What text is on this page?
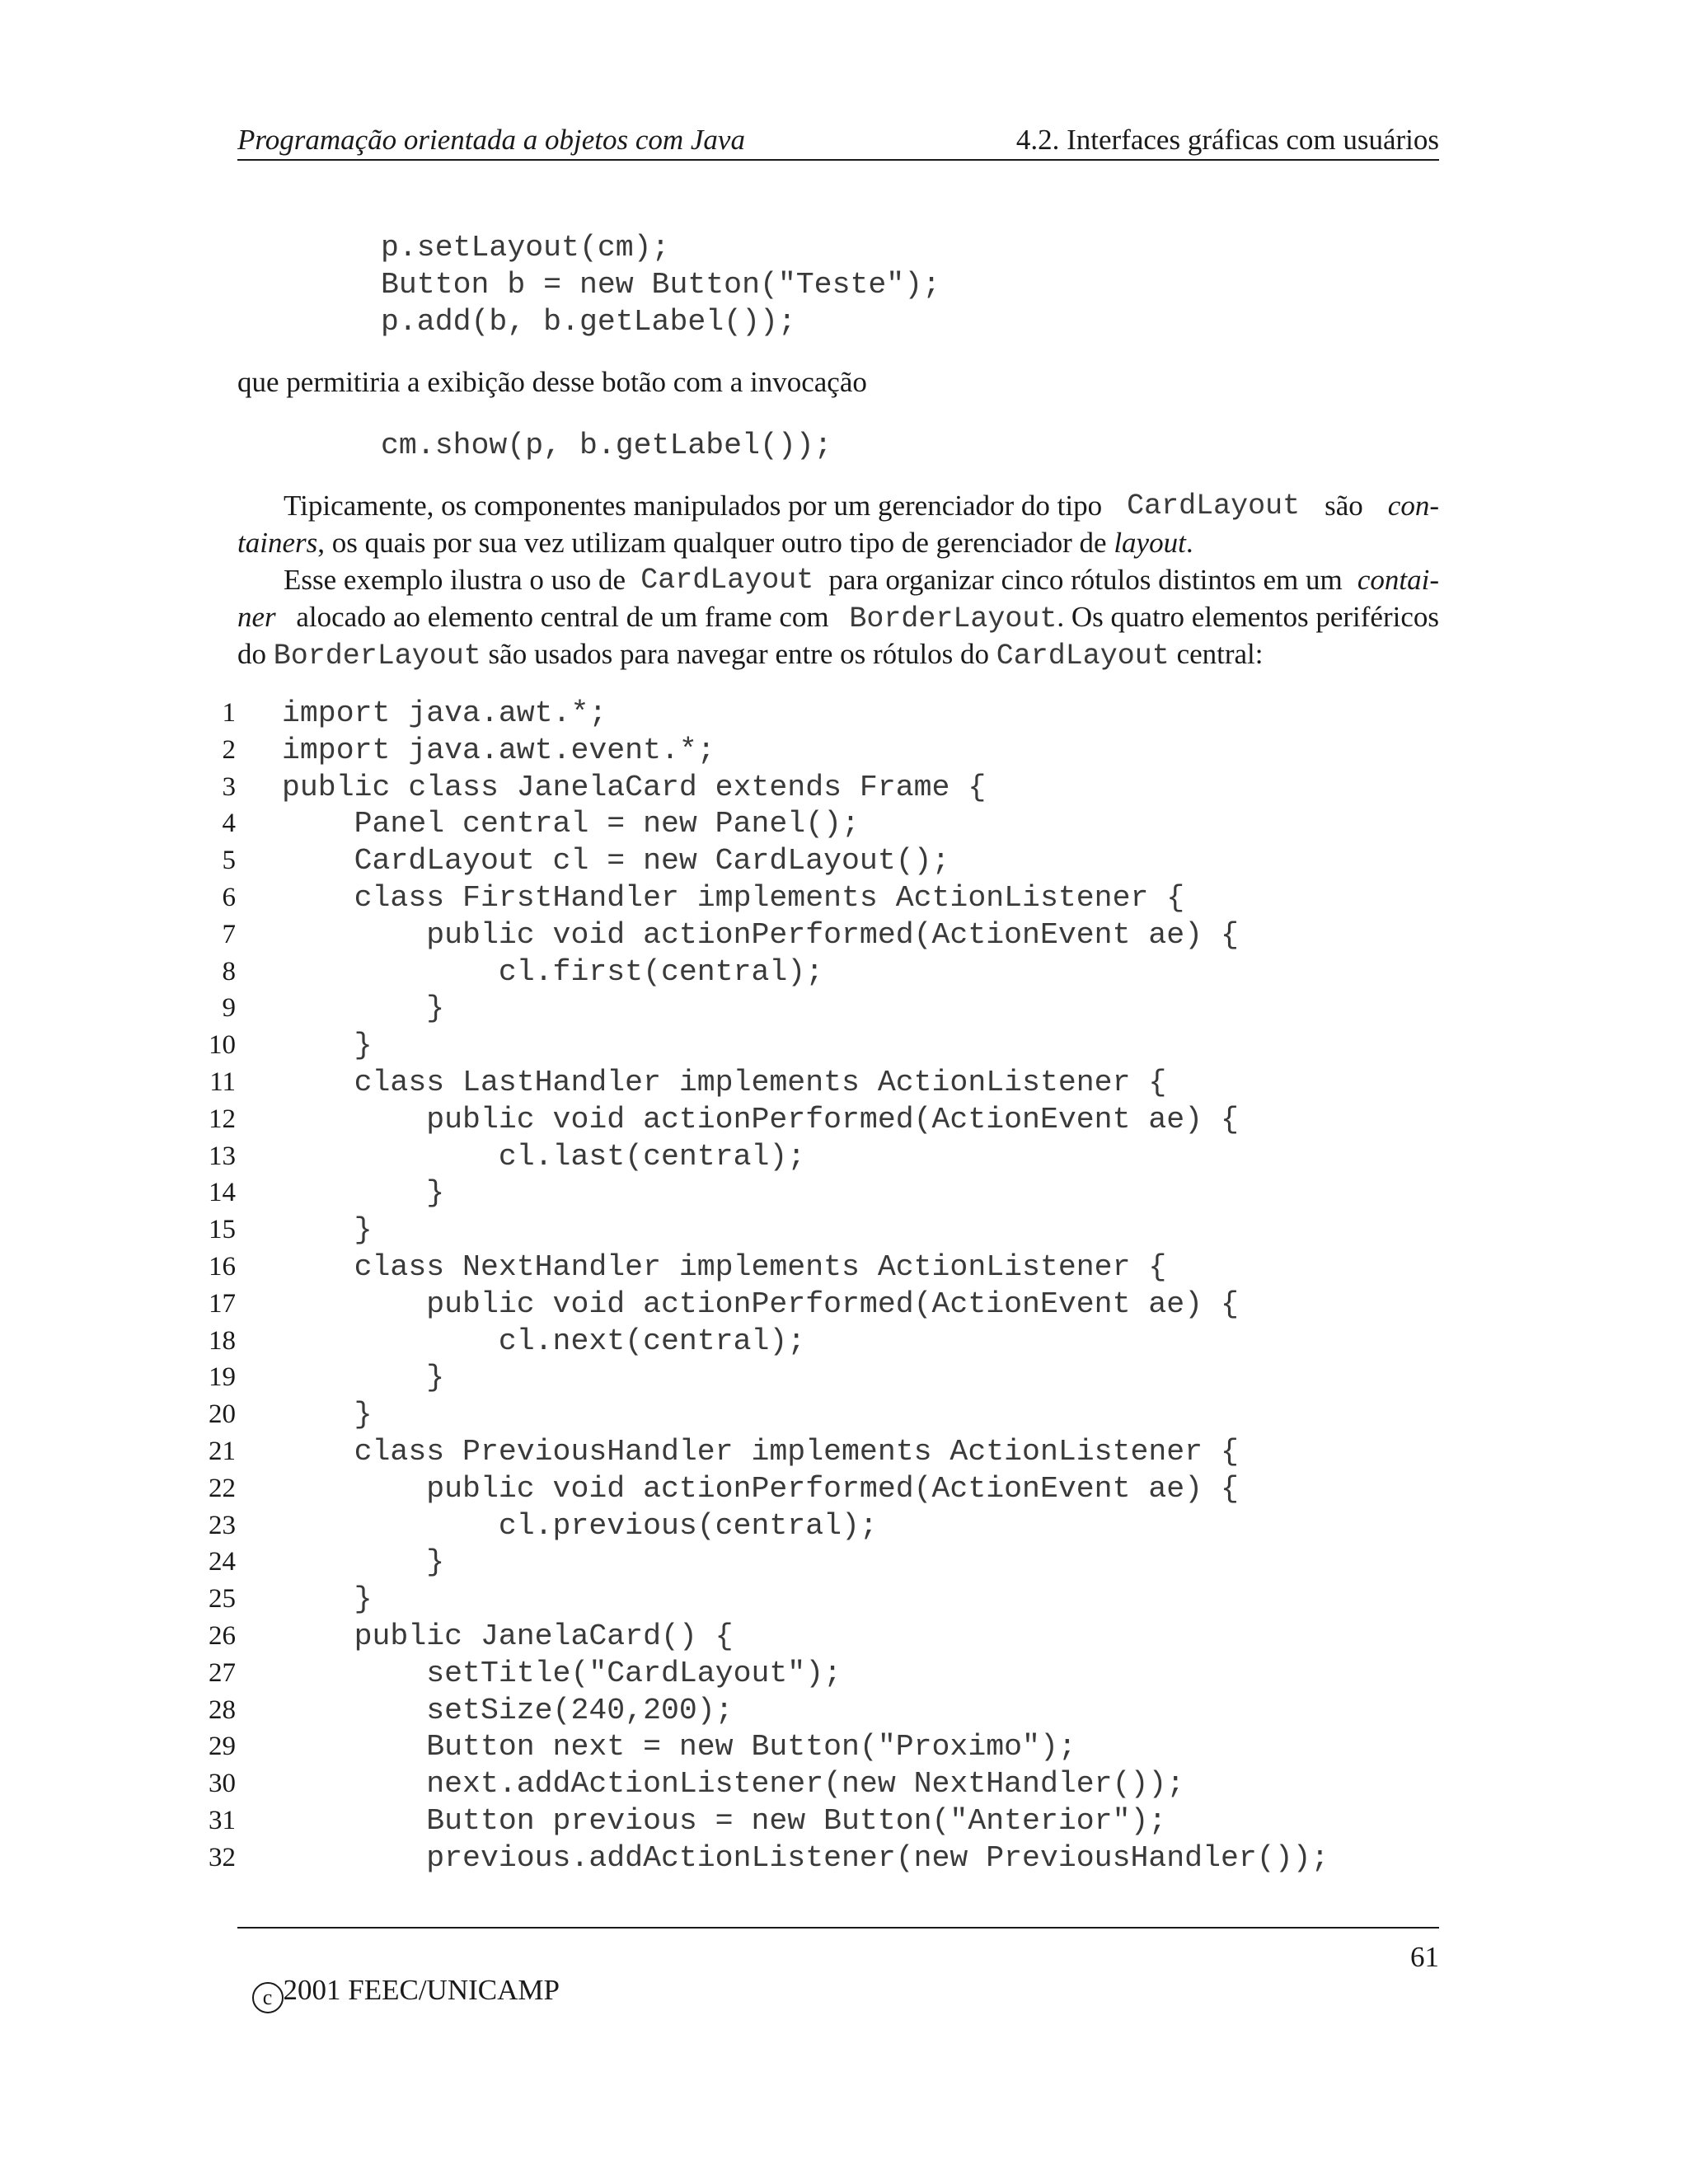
Programação orientada a objetos com Java	4.2. Interfaces gráficas com usuários
p.setLayout(cm);
Button b = new Button("Teste");
p.add(b, b.getLabel());
que permitiria a exibição desse botão com a invocação
cm.show(p, b.getLabel());
Tipicamente, os componentes manipulados por um gerenciador do tipo CardLayout são con-
tainers, os quais por sua vez utilizam qualquer outro tipo de gerenciador de layout.
Esse exemplo ilustra o uso de CardLayout para organizar cinco rótulos distintos em um contai-
ner alocado ao elemento central de um frame com BorderLayout. Os quatro elementos periféricos
do BorderLayout são usados para navegar entre os rótulos do CardLayout central:
1 import java.awt.*;
2 import java.awt.event.*;
3 public class JanelaCard extends Frame {
4 Panel central = new Panel();
5 CardLayout cl = new CardLayout();
6 class FirstHandler implements ActionListener {
7 public void actionPerformed(ActionEvent ae) {
8 cl.first(central);
9 }
10 }
11 class LastHandler implements ActionListener {
12 public void actionPerformed(ActionEvent ae) {
13 cl.last(central);
14 }
15 }
16 class NextHandler implements ActionListener {
17 public void actionPerformed(ActionEvent ae) {
18 cl.next(central);
19 }
20 }
21 class PreviousHandler implements ActionListener {
22 public void actionPerformed(ActionEvent ae) {
23 cl.previous(central);
24 }
25 }
26 public JanelaCard() {
27 setTitle("CardLayout");
28 setSize(240,200);
29 Button next = new Button("Proximo");
30 next.addActionListener(new NextHandler());
31 Button previous = new Button("Anterior");
32 previous.addActionListener(new PreviousHandler());

c 2001 FEEC/UNICAMP

61
